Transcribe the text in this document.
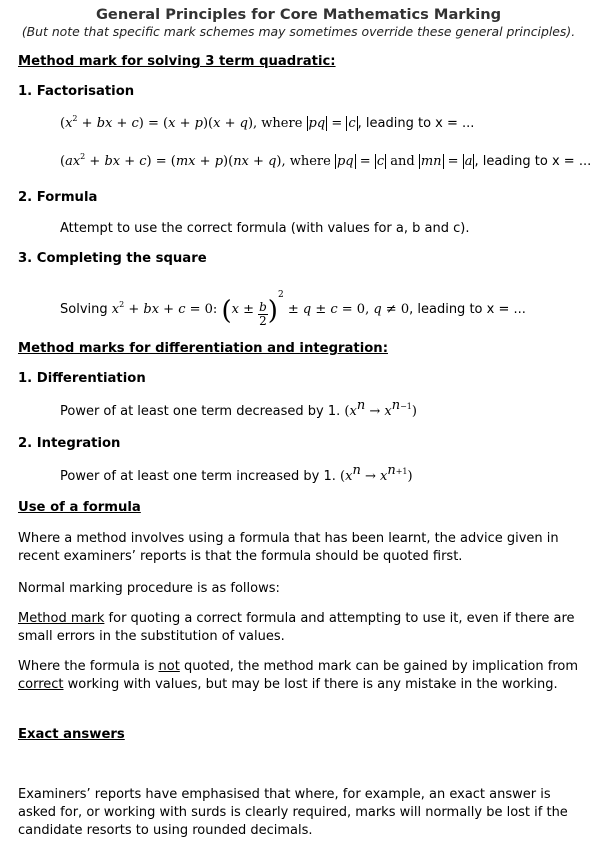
General Principles for Core Mathematics Marking
(But note that specific mark schemes may sometimes override these general principles).
Method mark for solving 3 term quadratic:
1. Factorisation
($x^2$ + bx + c) = (x + p)(x + q), where pq = c , leading to x = ...
($ax^2$ + bx + c) = (mx + p)(nx + q), where pq = c and mn = a , leading to x = ...
2. Formula
Attempt to use the correct formula (with values for a, b and c).
3. Completing the square
Solving $x^2$ + bx + c = 0: $(x \pm \frac{b}{2} )^2 \pm q \pm c = 0$, q ≠ 0, leading to x = ...
Method marks for differentiation and integration:
1. Differentiation
Power of at least one term decreased by 1. $(x^n \to x^{n-1})$
2. Integration
Power of at least one term increased by 1. $(x^n \to x^{n+1})$
Use of a formula
Where a method involves using a formula that has been learnt, the advice given in recent examiners’ reports is that the formula should be quoted first.
Normal marking procedure is as follows:
Method mark for quoting a correct formula and attempting to use it, even if there are small errors in the substitution of values.
Where the formula is not quoted, the method mark can be gained by implication from correct working with values, but may be lost if there is any mistake in the working.
Exact answers
Examiners’ reports have emphasised that where, for example, an exact answer is asked for, or working with surds is clearly required, marks will normally be lost if the candidate resorts to using rounded decimals.
